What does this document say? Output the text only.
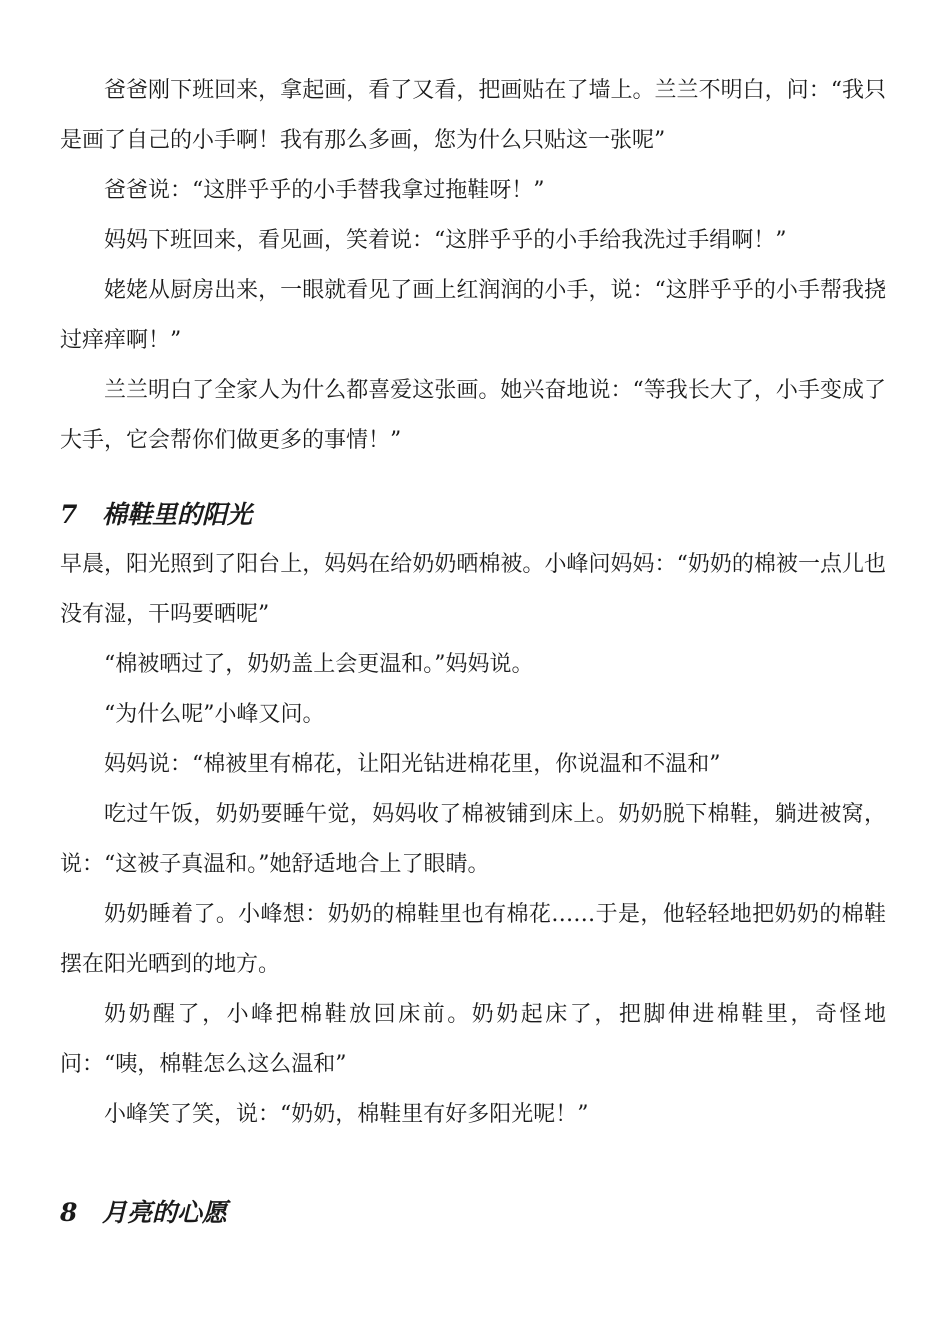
爸爸刚下班回来，拿起画，看了又看，把画贴在了墙上。兰兰不明白，问：“我只是画了自己的小手啊！我有那么多画，您为什么只贴这一张呢”

爸爸说：“这胖乎乎的小手替我拿过拖鞋呀！”

妈妈下班回来，看见画，笑着说：“这胖乎乎的小手给我洗过手绢啊！”

姥姥从厨房出来，一眼就看见了画上红润润的小手，说：“这胖乎乎的小手帮我挠过痒痒啊！”

兰兰明白了全家人为什么都喜爱这张画。她兴奋地说：“等我长大了，小手变成了大手，它会帮你们做更多的事情！”

7 棉鞋里的阳光

早晨，阳光照到了阳台上，妈妈在给奶奶晒棉被。小峰问妈妈：“奶奶的棉被一点儿也没有湿，干吗要晒呢”

“棉被晒过了，奶奶盖上会更温和。”妈妈说。

“为什么呢”小峰又问。

妈妈说：“棉被里有棉花，让阳光钻进棉花里，你说温和不温和”

吃过午饭，奶奶要睡午觉，妈妈收了棉被铺到床上。奶奶脱下棉鞋，躺进被窝，说：“这被子真温和。”她舒适地合上了眼睛。

奶奶睡着了。小峰想：奶奶的棉鞋里也有棉花……于是，他轻轻地把奶奶的棉鞋摆在阳光晒到的地方。

奶奶醒了，小峰把棉鞋放回床前。奶奶起床了，把脚伸进棉鞋里，奇怪地问：“咦，棉鞋怎么这么温和”

小峰笑了笑，说：“奶奶，棉鞋里有好多阳光呢！”

8 月亮的心愿
